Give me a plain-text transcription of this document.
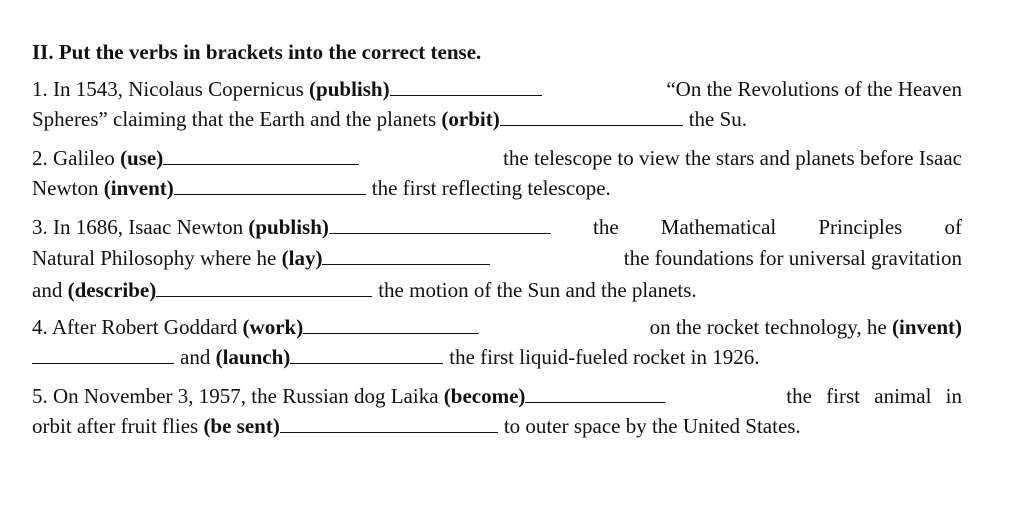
II. Put the verbs in brackets into the correct tense.
1. In 1543, Nicolaus Copernicus (publish)	“On the Revolutions of the Heaven
Spheres” claiming that the Earth and the planets (orbit)	the Su.
2. Galileo (use)	the telescope to view the stars and planets before Isaac
Newton (invent)	the first reflecting telescope.
3. In 1686, Isaac Newton (publish)	the Mathematical Principles of
Natural Philosophy where he (lay)	the foundations for universal gravitation
and (describe)	the motion of the Sun and the planets.
4. After Robert Goddard (work)	on the rocket technology, he (invent)
and (launch)	the first liquid-fueled rocket in 1926.
5. On November 3, 1957, the Russian dog Laika (become)	the first animal in
orbit after fruit flies (be sent)	to outer space by the United States.
